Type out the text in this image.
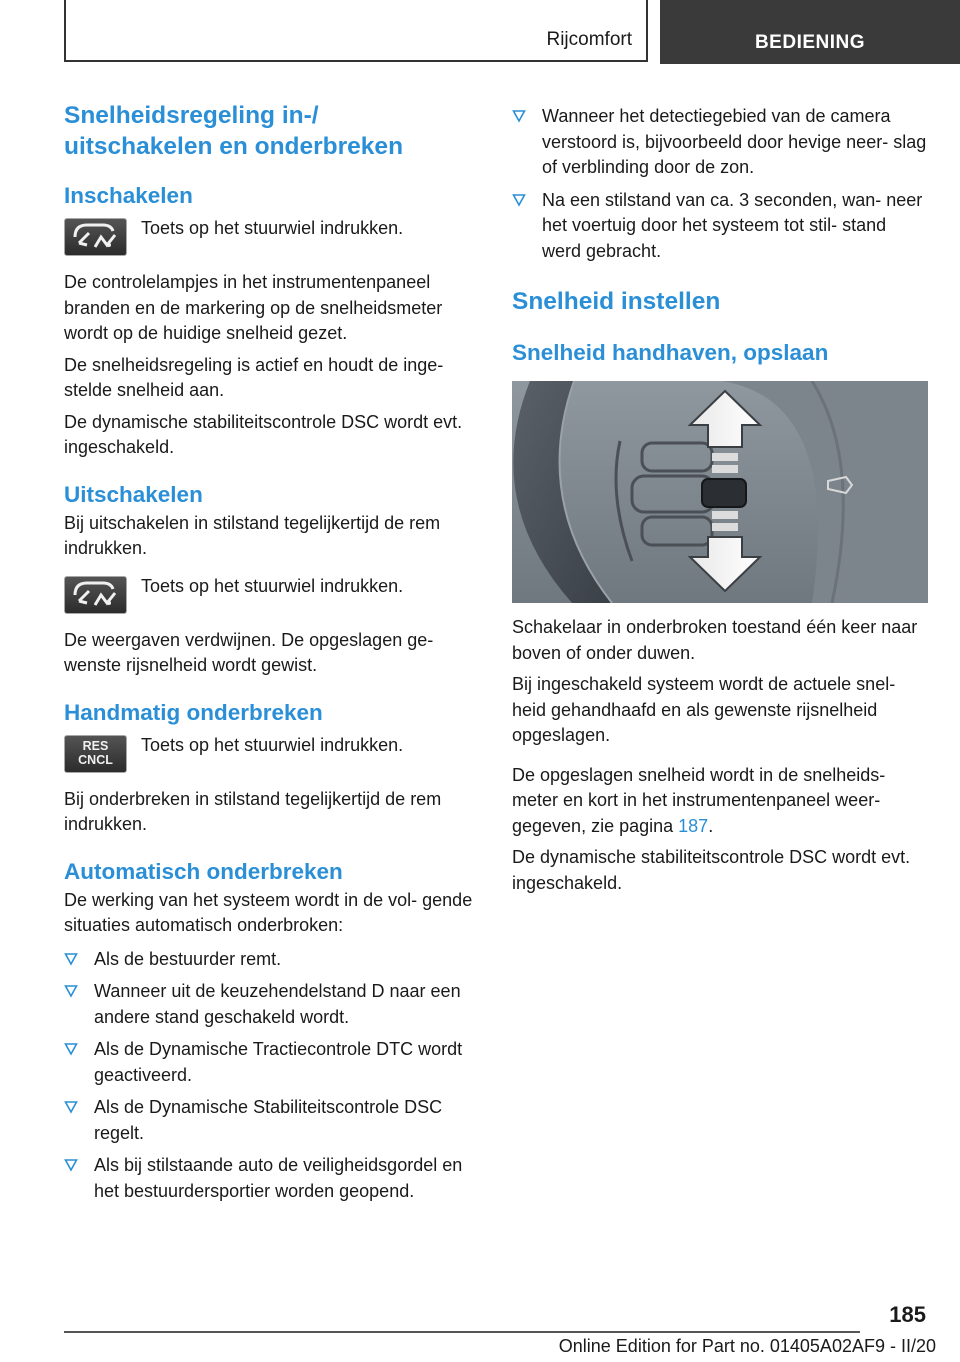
Rijcomfort	BEDIENING
Snelheidsregeling in-/ uitschakelen en onderbreken
Inschakelen

Toets op het stuurwiel indrukken.

De controlelampjes in het instrumentenpaneel branden en de markering op de snelheidsmeter wordt op de huidige snelheid gezet.

De snelheidsregeling is actief en houdt de inge‐ stelde snelheid aan.

De dynamische stabiliteitscontrole DSC wordt evt. ingeschakeld.

Uitschakelen

Bij uitschakelen in stilstand tegelijkertijd de rem indrukken.

Toets op het stuurwiel indrukken.

De weergaven verdwijnen. De opgeslagen ge‐ wenste rijsnelheid wordt gewist.

Handmatig onderbreken
RES
CNCL

Toets op het stuurwiel indrukken.

Bij onderbreken in stilstand tegelijkertijd de rem indrukken.

Automatisch onderbreken

De werking van het systeem wordt in de vol‐ gende situaties automatisch onderbroken:

Als de bestuurder remt.
Wanneer uit de keuzehendelstand D naar een andere stand geschakeld wordt.
Als de Dynamische Tractiecontrole DTC wordt geactiveerd.
Als de Dynamische Stabiliteitscontrole DSC regelt.
Als bij stilstaande auto de veiligheidsgordel en het bestuurdersportier worden geopend.
Wanneer het detectiegebied van de camera verstoord is, bijvoorbeeld door hevige neer‐ slag of verblinding door de zon.
Na een stilstand van ca. 3 seconden, wan‐ neer het voertuig door het systeem tot stil‐ stand werd gebracht.
Snelheid instellen
Snelheid handhaven, opslaan

Schakelaar in onderbroken toestand één keer naar boven of onder duwen.

Bij ingeschakeld systeem wordt de actuele snel‐ heid gehandhaafd en als gewenste rijsnelheid opgeslagen.

De opgeslagen snelheid wordt in de snelheids‐ meter en kort in het instrumentenpaneel weer‐ gegeven, zie pagina 187.

De dynamische stabiliteitscontrole DSC wordt evt. ingeschakeld.

185
Online Edition for Part no. 01405A02AF9 - II/20
